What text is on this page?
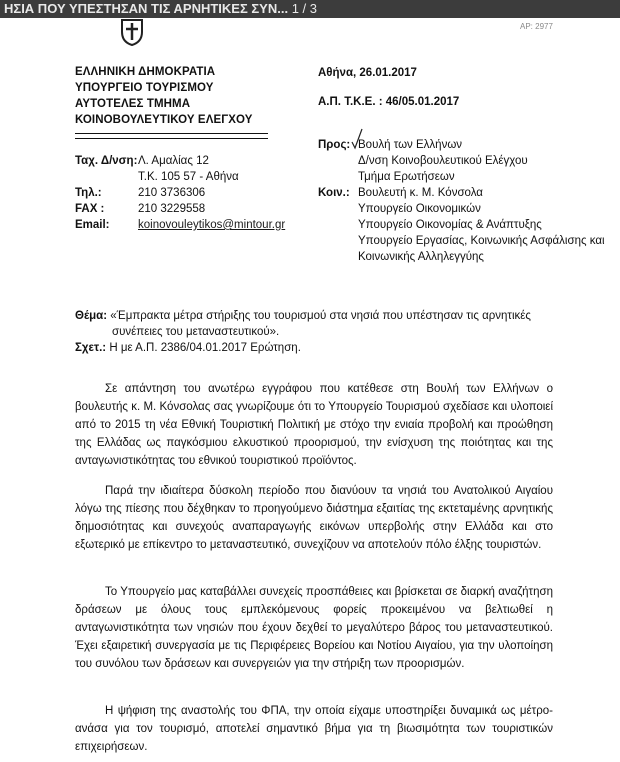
ΗΣΙΑ ΠΟΥ ΥΠΕΣΤΗΣΑΝ ΤΙΣ ΑΡΝΗΤΙΚΕΣ ΣΥΝ... 1 / 3
ΑΡ: 2977
ΕΛΛΗΝΙΚΗ ΔΗΜΟΚΡΑΤΙΑ
ΥΠΟΥΡΓΕΙΟ ΤΟΥΡΙΣΜΟΥ
ΑΥΤΟΤΕΛΕΣ ΤΜΗΜΑ
ΚΟΙΝΟΒΟΥΛΕΥΤΙΚΟΥ ΕΛΕΓΧΟΥ
Αθήνα, 26.01.2017
Α.Π. Τ.Κ.Ε. : 46/05.01.2017
Ταχ. Δ/νση: Λ. Αμαλίας 12
Τ.Κ. 105 57 - Αθήνα
Τηλ.:	210 3736306
FAX :	210 3229558
Email:	koinovouleytikos@mintour.gr
Προς: Βουλή των Ελλήνων
Δ/νση Κοινοβουλευτικού Ελέγχου
Τμήμα Ερωτήσεων
Κοιν.: Βουλευτή κ. Μ. Κόνσολα
Υπουργείο Οικονομικών
Υπουργείο Οικονομίας & Ανάπτυξης
Υπουργείο Εργασίας, Κοινωνικής Ασφάλισης και
Κοινωνικής Αλληλεγγύης
Θέμα: «Έμπρακτα μέτρα στήριξης του τουρισμού στα νησιά που υπέστησαν τις αρνητικές
συνέπειες του μεταναστευτικού».
Σχετ.: Η με Α.Π. 2386/04.01.2017 Ερώτηση.
Σε απάντηση του ανωτέρω εγγράφου που κατέθεσε στη Βουλή των Ελλήνων ο βουλευτής κ. Μ. Κόνσολας σας γνωρίζουμε ότι το Υπουργείο Τουρισμού σχεδίασε και υλοποιεί από το 2015 τη νέα Εθνική Τουριστική Πολιτική με στόχο την ενιαία προβολή και προώθηση της Ελλάδας ως παγκόσμιου ελκυστικού προορισμού, την ενίσχυση της ποιότητας και της ανταγωνιστικότητας του εθνικού τουριστικού προϊόντος.
Παρά την ιδιαίτερα δύσκολη περίοδο που διανύουν τα νησιά του Ανατολικού Αιγαίου λόγω της πίεσης που δέχθηκαν το προηγούμενο διάστημα εξαιτίας της εκτεταμένης αρνητικής δημοσιότητας και συνεχούς αναπαραγωγής εικόνων υπερβολής στην Ελλάδα και στο εξωτερικό με επίκεντρο το μεταναστευτικό, συνεχίζουν να αποτελούν πόλο έλξης τουριστών.
Το Υπουργείο μας καταβάλλει συνεχείς προσπάθειες και βρίσκεται σε διαρκή αναζήτηση δράσεων με όλους τους εμπλεκόμενους φορείς προκειμένου να βελτιωθεί η ανταγωνιστικότητα των νησιών που έχουν δεχθεί το μεγαλύτερο βάρος του μεταναστευτικού. Έχει εξαιρετική συνεργασία με τις Περιφέρειες Βορείου και Νοτίου Αιγαίου, για την υλοποίηση του συνόλου των δράσεων και συνεργειών για την στήριξη των προορισμών.
Η ψήφιση της αναστολής του ΦΠΑ, την οποία είχαμε υποστηρίξει δυναμικά ως μέτρο- ανάσα για τον τουρισμό, αποτελεί σημαντικό βήμα για τη βιωσιμότητα των τουριστικών επιχειρήσεων.
